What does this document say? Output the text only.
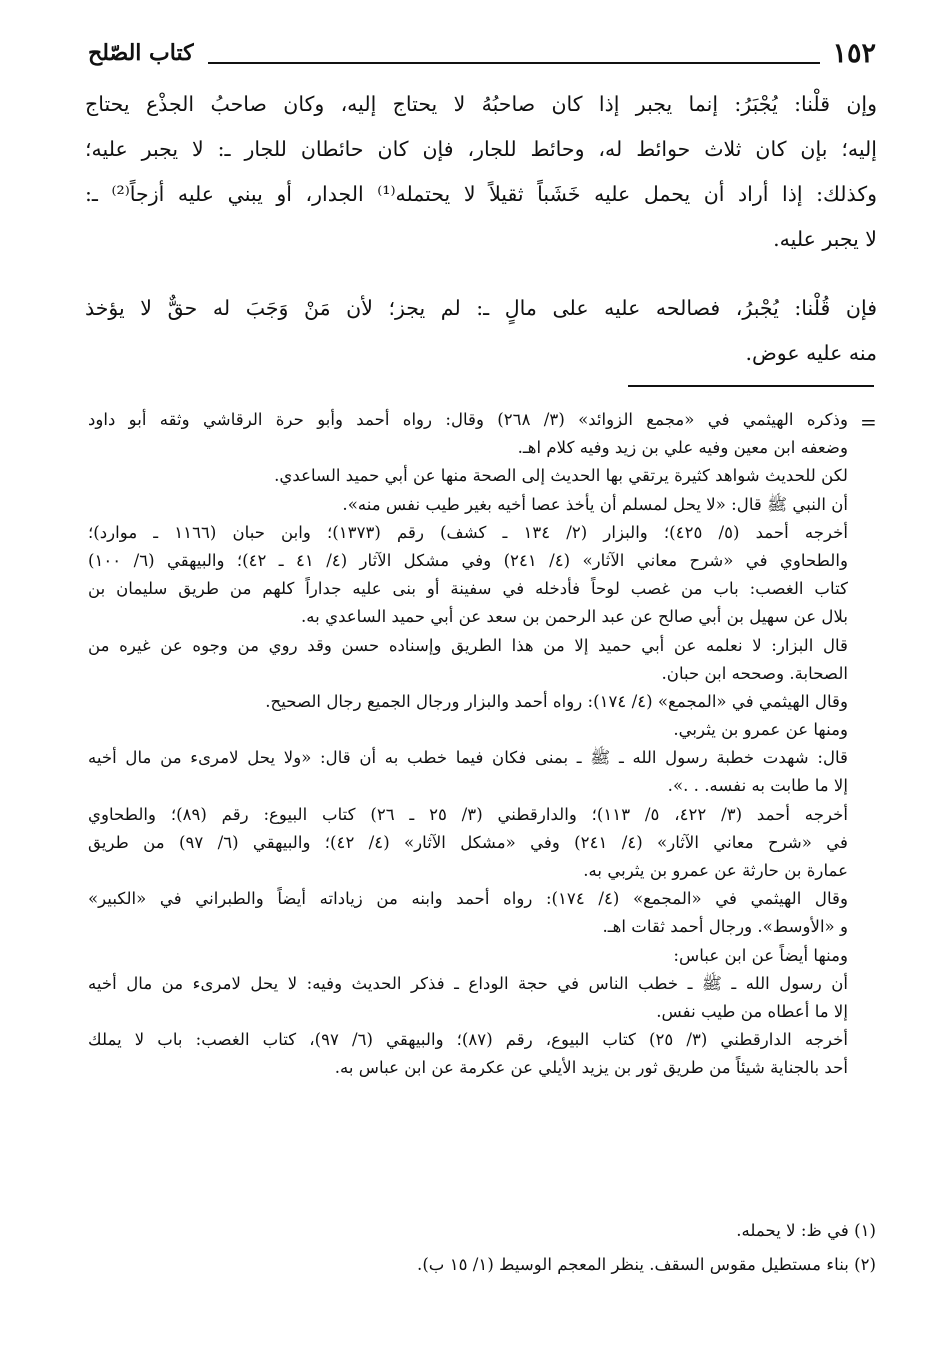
١٥٢
كتاب الصّلح
وإن قلْنا: يُجْبَرُ: إنما يجبر إذا كان صاحبُهُ لا يحتاج إليه، وكان صاحبُ الجذْع يحتاج
إليه؛ بإن كان ثلاث حوائط له، وحائط للجار، فإن كان حائطان للجار ـ: لا يجبر عليه؛
وكذلك: إذا أراد أن يحمل عليه خَشَباً ثقيلاً لا يحتمله⁽¹⁾ الجدار، أو يبني عليه أزجاً⁽²⁾ ـ:
لا يجبر عليه.
فإن قُلْنا: يُجْبرُ، فصالحه عليه على مالٍ ـ: لم يجز؛ لأن مَنْ وَجَبَ له حقٌّ لا يؤخذ
منه عليه عوض.
=
وذكره الهيثمي في «مجمع الزوائد» (٣/ ٢٦٨) وقال: رواه أحمد وأبو حرة الرقاشي وثقه أبو داود
وضعفه ابن معين وفيه علي بن زيد وفيه كلام اهـ.
لكن للحديث شواهد كثيرة يرتقي بها الحديث إلى الصحة منها عن أبي حميد الساعدي.
أن النبي ﷺ قال: «لا يحل لمسلم أن يأخذ عصا أخيه بغير طيب نفس منه».
أخرجه أحمد (٥/ ٤٢٥)؛ والبزار (٢/ ١٣٤ ـ كشف) رقم (١٣٧٣)؛ وابن حبان (١١٦٦ ـ موارد)؛
والطحاوي في «شرح معاني الآثار» (٤/ ٢٤١) وفي مشكل الآثار (٤/ ٤١ ـ ٤٢)؛ والبيهقي (٦/ ١٠٠)
كتاب الغصب: باب من غصب لوحاً فأدخله في سفينة أو بنى عليه جداراً كلهم من طريق سليمان بن
بلال عن سهيل بن أبي صالح عن عبد الرحمن بن سعد عن أبي حميد الساعدي به.
قال البزار: لا نعلمه عن أبي حميد إلا من هذا الطريق وإسناده حسن وقد روي من وجوه عن غيره من
الصحابة. وصححه ابن حبان.
وقال الهيثمي في «المجمع» (٤/ ١٧٤): رواه أحمد والبزار ورجال الجميع رجال الصحيح.
ومنها عن عمرو بن يثربي.
قال: شهدت خطبة رسول الله ـ ﷺ ـ بمنى فكان فيما خطب به أن قال: «ولا يحل لامرىء من مال أخيه
إلا ما طابت به نفسه. . .».
أخرجه أحمد (٣/ ٤٢٢، ٥/ ١١٣)؛ والدارقطني (٣/ ٢٥ ـ ٢٦) كتاب البيوع: رقم (٨٩)؛ والطحاوي
في «شرح معاني الآثار» (٤/ ٢٤١) وفي «مشكل الآثار» (٤/ ٤٢)؛ والبيهقي (٦/ ٩٧) من طريق
عمارة بن حارثة عن عمرو بن يثربي به.
وقال الهيثمي في «المجمع» (٤/ ١٧٤): رواه أحمد وابنه من زياداته أيضاً والطبراني في «الكبير»
و «الأوسط». ورجال أحمد ثقات اهـ.
ومنها أيضاً عن ابن عباس:
أن رسول الله ـ ﷺ ـ خطب الناس في حجة الوداع ـ فذكر الحديث وفيه: لا يحل لامرىء من مال أخيه
إلا ما أعطاه من طيب نفس.
أخرجه الدارقطني (٣/ ٢٥) كتاب البيوع، رقم (٨٧)؛ والبيهقي (٦/ ٩٧)، كتاب الغصب: باب لا يملك
أحد بالجناية شيئاً من طريق ثور بن يزيد الأيلي عن عكرمة عن ابن عباس به.
(١) في ظ: لا يحمله.
(٢) بناء مستطيل مقوس السقف. ينظر المعجم الوسيط (١/ ١٥ ب).
